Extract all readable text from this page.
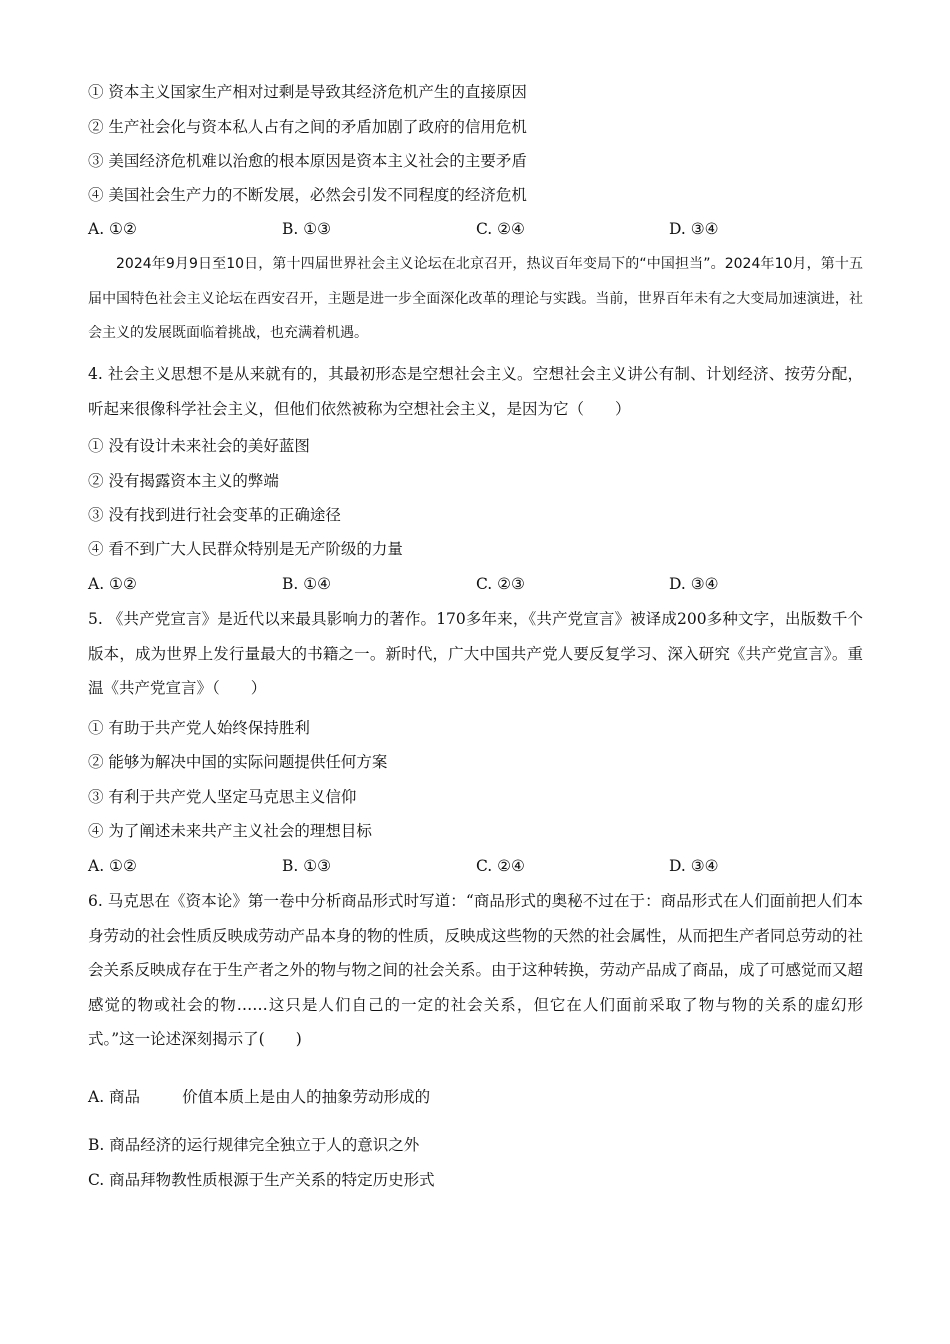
① 资本主义国家生产相对过剩是导致其经济危机产生的直接原因
② 生产社会化与资本私人占有之间的矛盾加剧了政府的信用危机
③ 美国经济危机难以治愈的根本原因是资本主义社会的主要矛盾
④ 美国社会生产力的不断发展，必然会引发不同程度的经济危机
A. ①②	B. ①③	C. ②④	D. ③④
2024年9月9日至10日，第十四届世界社会主义论坛在北京召开，热议百年变局下的“中国担当”。2024年10月，第十五届中国特色社会主义论坛在西安召开，主题是进一步全面深化改革的理论与实践。当前，世界百年未有之大变局加速演进，社会主义的发展既面临着挑战，也充满着机遇。
4. 社会主义思想不是从来就有的，其最初形态是空想社会主义。空想社会主义讲公有制、计划经济、按劳分配，听起来很像科学社会主义，但他们依然被称为空想社会主义，是因为它（　　）
① 没有设计未来社会的美好蓝图
② 没有揭露资本主义的弊端
③ 没有找到进行社会变革的正确途径
④ 看不到广大人民群众特别是无产阶级的力量
A. ①②	B. ①④	C. ②③	D. ③④
5. 《共产党宣言》是近代以来最具影响力的著作。170多年来，《共产党宣言》被译成200多种文字，出版数千个版本，成为世界上发行量最大的书籍之一。新时代，广大中国共产党人要反复学习、深入研究《共产党宣言》。重温《共产党宣言》（　　）
① 有助于共产党人始终保持胜利
② 能够为解决中国的实际问题提供任何方案
③ 有利于共产党人坚定马克思主义信仰
④ 为了阐述未来共产主义社会的理想目标
A. ①②	B. ①③	C. ②④	D. ③④
6. 马克思在《资本论》第一卷中分析商品形式时写道：“商品形式的奥秘不过在于：商品形式在人们面前把人们本身劳动的社会性质反映成劳动产品本身的物的性质，反映成这些物的天然的社会属性，从而把生产者同总劳动的社会关系反映成存在于生产者之外的物与物之间的社会关系。由于这种转换，劳动产品成了商品，成了可感觉而又超感觉的物或社会的物……这只是人们自己的一定的社会关系，但它在人们面前采取了物与物的关系的虚幻形式。”这一论述深刻揭示了(　　)
A. 商品	价值本质上是由人的抽象劳动形成的
B. 商品经济的运行规律完全独立于人的意识之外
C. 商品拜物教性质根源于生产关系的特定历史形式
